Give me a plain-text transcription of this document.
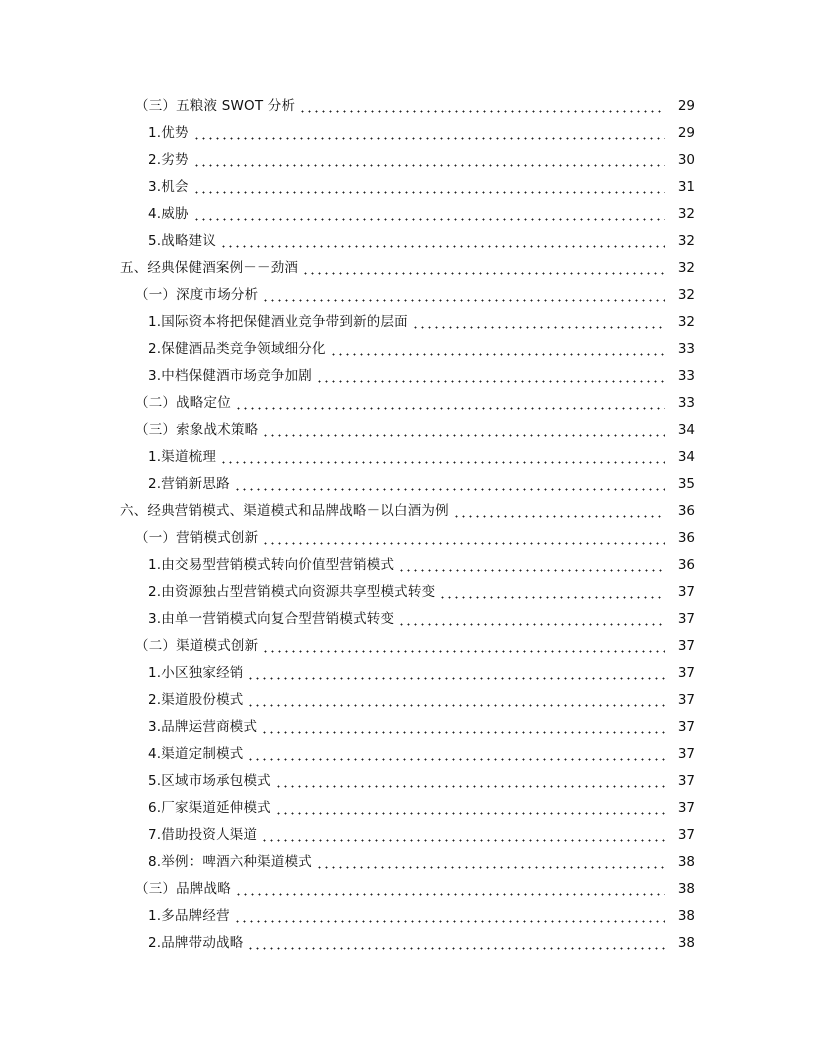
（三）五粮液 SWOT 分析	29
1.优势	29
2.劣势	30
3.机会	31
4.威胁	32
5.战略建议	32
五、经典保健酒案例－－劲酒	32
（一）深度市场分析	32
1.国际资本将把保健酒业竞争带到新的层面	32
2.保健酒品类竞争领域细分化	33
3.中档保健酒市场竞争加剧	33
（二）战略定位	33
（三）索象战术策略	34
1.渠道梳理	34
2.营销新思路	35
六、经典营销模式、渠道模式和品牌战略－以白酒为例	36
（一）营销模式创新	36
1.由交易型营销模式转向价值型营销模式	36
2.由资源独占型营销模式向资源共享型模式转变	37
3.由单一营销模式向复合型营销模式转变	37
（二）渠道模式创新	37
1.小区独家经销	37
2.渠道股份模式	37
3.品牌运营商模式	37
4.渠道定制模式	37
5.区域市场承包模式	37
6.厂家渠道延伸模式	37
7.借助投资人渠道	37
8.举例：啤酒六种渠道模式	38
（三）品牌战略	38
1.多品牌经营	38
2.品牌带动战略	38
